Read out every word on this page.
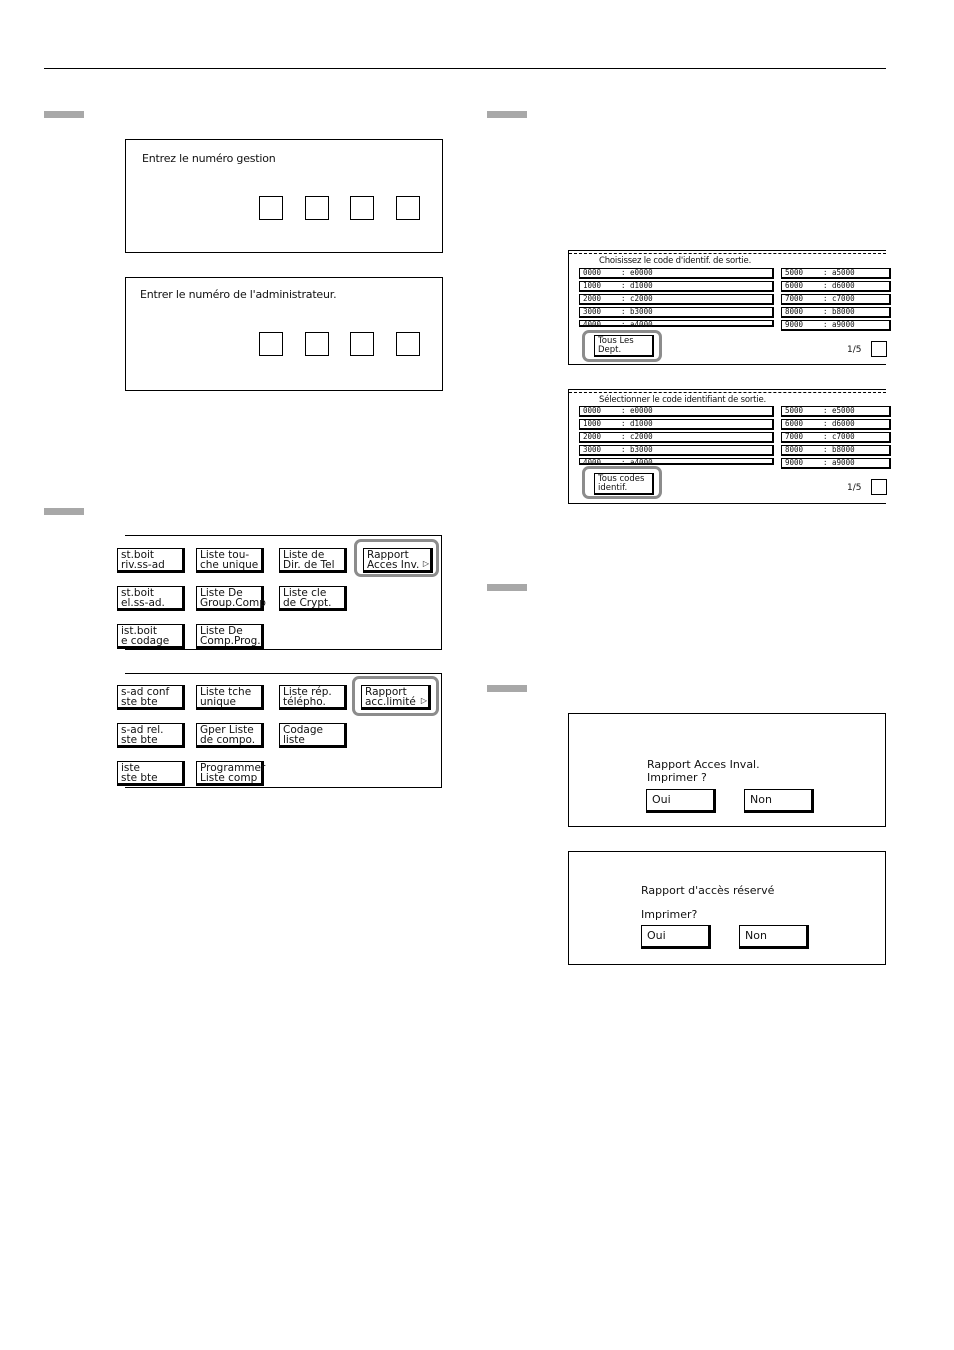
Entrez le numéro gestion
Entrer le numéro de l'administrateur.
st.boit
riv.ss-ad
Liste tou-
che unique
Liste de
Dir. de Tel
Rapport
Acces Inv. ▷
st.boit
el.ss-ad.
Liste De
Group.Comp
Liste cle
de Crypt.
ist.boit
e codage
Liste De
Comp.Prog.
s-ad conf
ste bte
Liste tche
unique
Liste rép.
télépho.
Rapport
acc.limité ▷
s-ad rel.
ste bte
Gper Liste
de compo.
Codage
liste
iste
ste bte
Programmer
Liste comp
Choisissez le code d'identif. de sortie.
0000	: e0000
1000	: d1000
2000	: c2000
3000	: b3000
4000	: a4000
5000	: a5000
6000	: d6000
7000	: c7000
8000	: b8000
9000	: a9000
Tous Les
Dept.	1/5
Sélectionner le code identifiant de sortie.
0000	: e0000
1000	: d1000
2000	: c2000
3000	: b3000
4000	: a4000
5000	: e5000
6000	: d6000
7000	: c7000
8000	: b8000
9000	: a9000
Tous codes
identif.	1/5
Rapport Acces Inval.
Imprimer ?
Oui	Non
Rapport d'accès réservé
Imprimer?
Oui	Non
